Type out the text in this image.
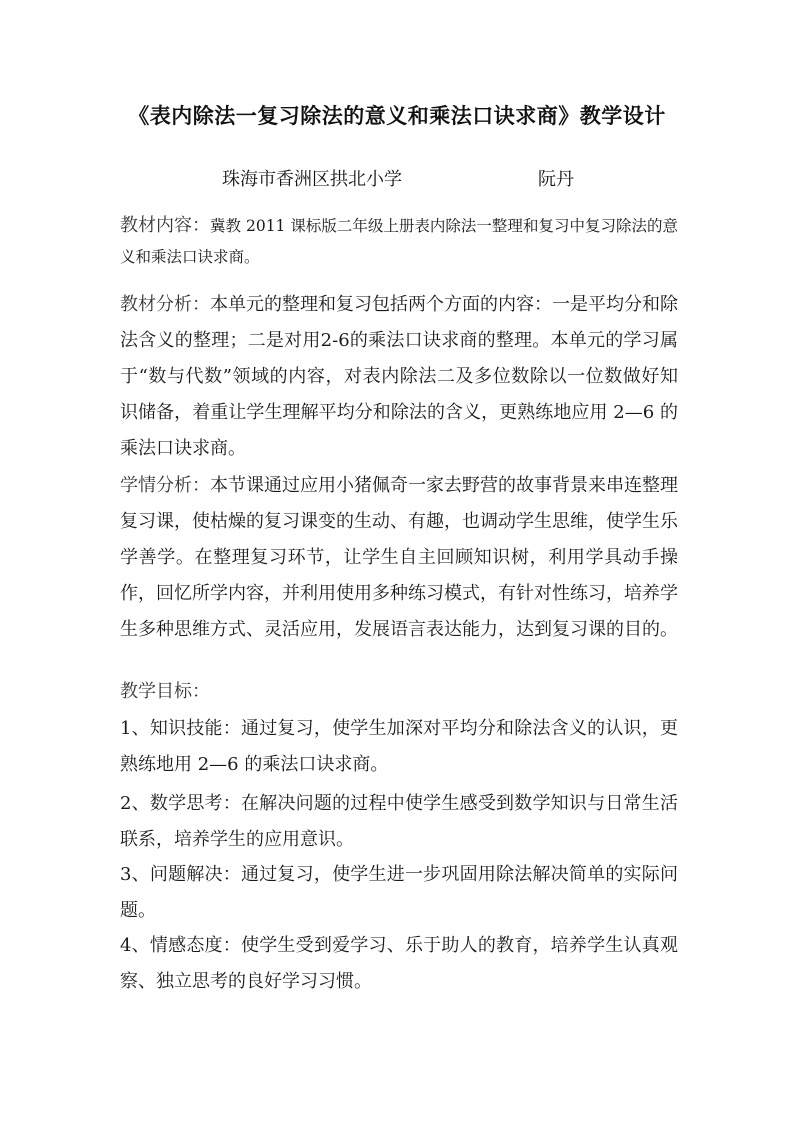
《表内除法一复习除法的意义和乘法口诀求商》教学设计
珠海市香洲区拱北小学	阮丹

教材内容：冀教 2011 课标版二年级上册表内除法一整理和复习中复习除法的意义和乘法口诀求商。

教材分析：本单元的整理和复习包括两个方面的内容：一是平均分和除法含义的整理；二是对用2-6的乘法口诀求商的整理。本单元的学习属于“数与代数”领域的内容，对表内除法二及多位数除以一位数做好知识储备，着重让学生理解平均分和除法的含义，更熟练地应用 2—6 的乘法口诀求商。

学情分析：本节课通过应用小猪佩奇一家去野营的故事背景来串连整理复习课，使枯燥的复习课变的生动、有趣，也调动学生思维，使学生乐学善学。在整理复习环节，让学生自主回顾知识树，利用学具动手操作，回忆所学内容，并利用使用多种练习模式，有针对性练习，培养学生多种思维方式、灵活应用，发展语言表达能力，达到复习课的目的。

教学目标：

1、知识技能：通过复习，使学生加深对平均分和除法含义的认识，更熟练地用 2—6 的乘法口诀求商。

2、数学思考：在解决问题的过程中使学生感受到数学知识与日常生活联系，培养学生的应用意识。

3、问题解决：通过复习，使学生进一步巩固用除法解决简单的实际问题。

4、情感态度：使学生受到爱学习、乐于助人的教育，培养学生认真观察、独立思考的良好学习习惯。
